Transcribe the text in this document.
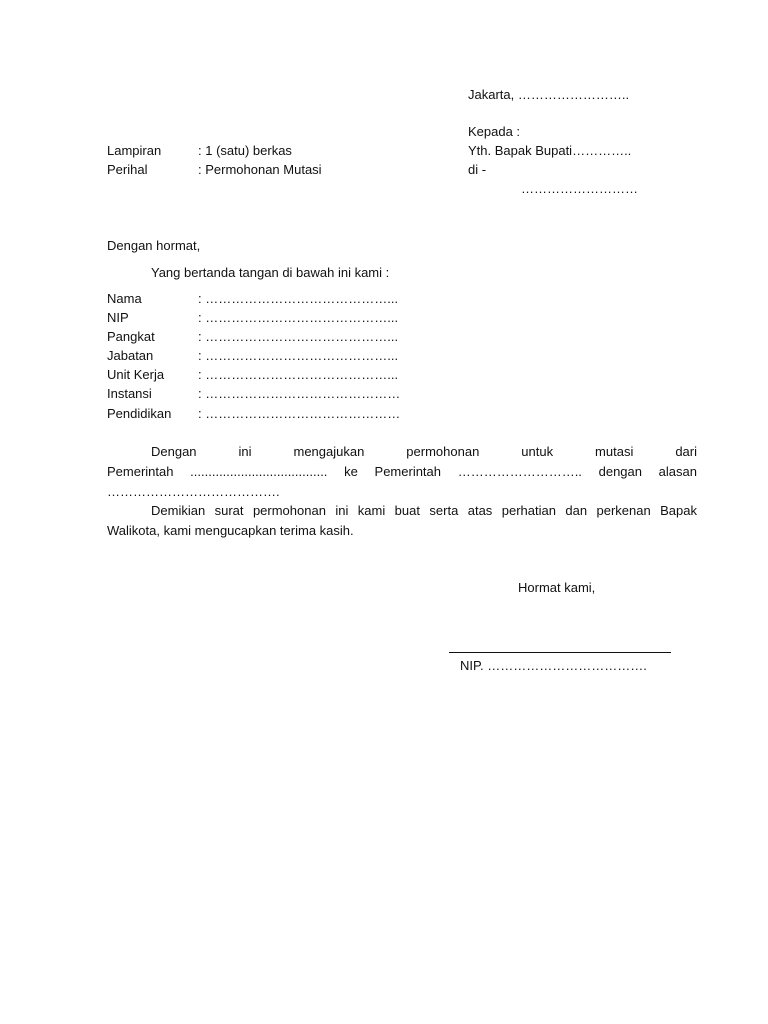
Jakarta, ……………………..
Kepada :
Yth. Bapak Bupati…………..
di -
………………………
Lampiran	: 1 (satu) berkas
Perihal	: Permohonan Mutasi
Dengan hormat,
Yang bertanda tangan di bawah ini kami :
Nama	: ……………………………………...
NIP	: ……………………………………...
Pangkat	: ……………………………………...
Jabatan	: ……………………………………...
Unit Kerja	: ……………………………………...
Instansi	: ………………………………………
Pendidikan : ………………………………………
Dengan ini mengajukan permohonan untuk mutasi dari
Pemerintah ...................................... ke Pemerintah ……………………….. dengan alasan
………………………………….
Demikian surat permohonan ini kami buat serta atas perhatian dan perkenan Bapak
Walikota, kami mengucapkan terima kasih.
Hormat kami,
NIP. ……………………………….
